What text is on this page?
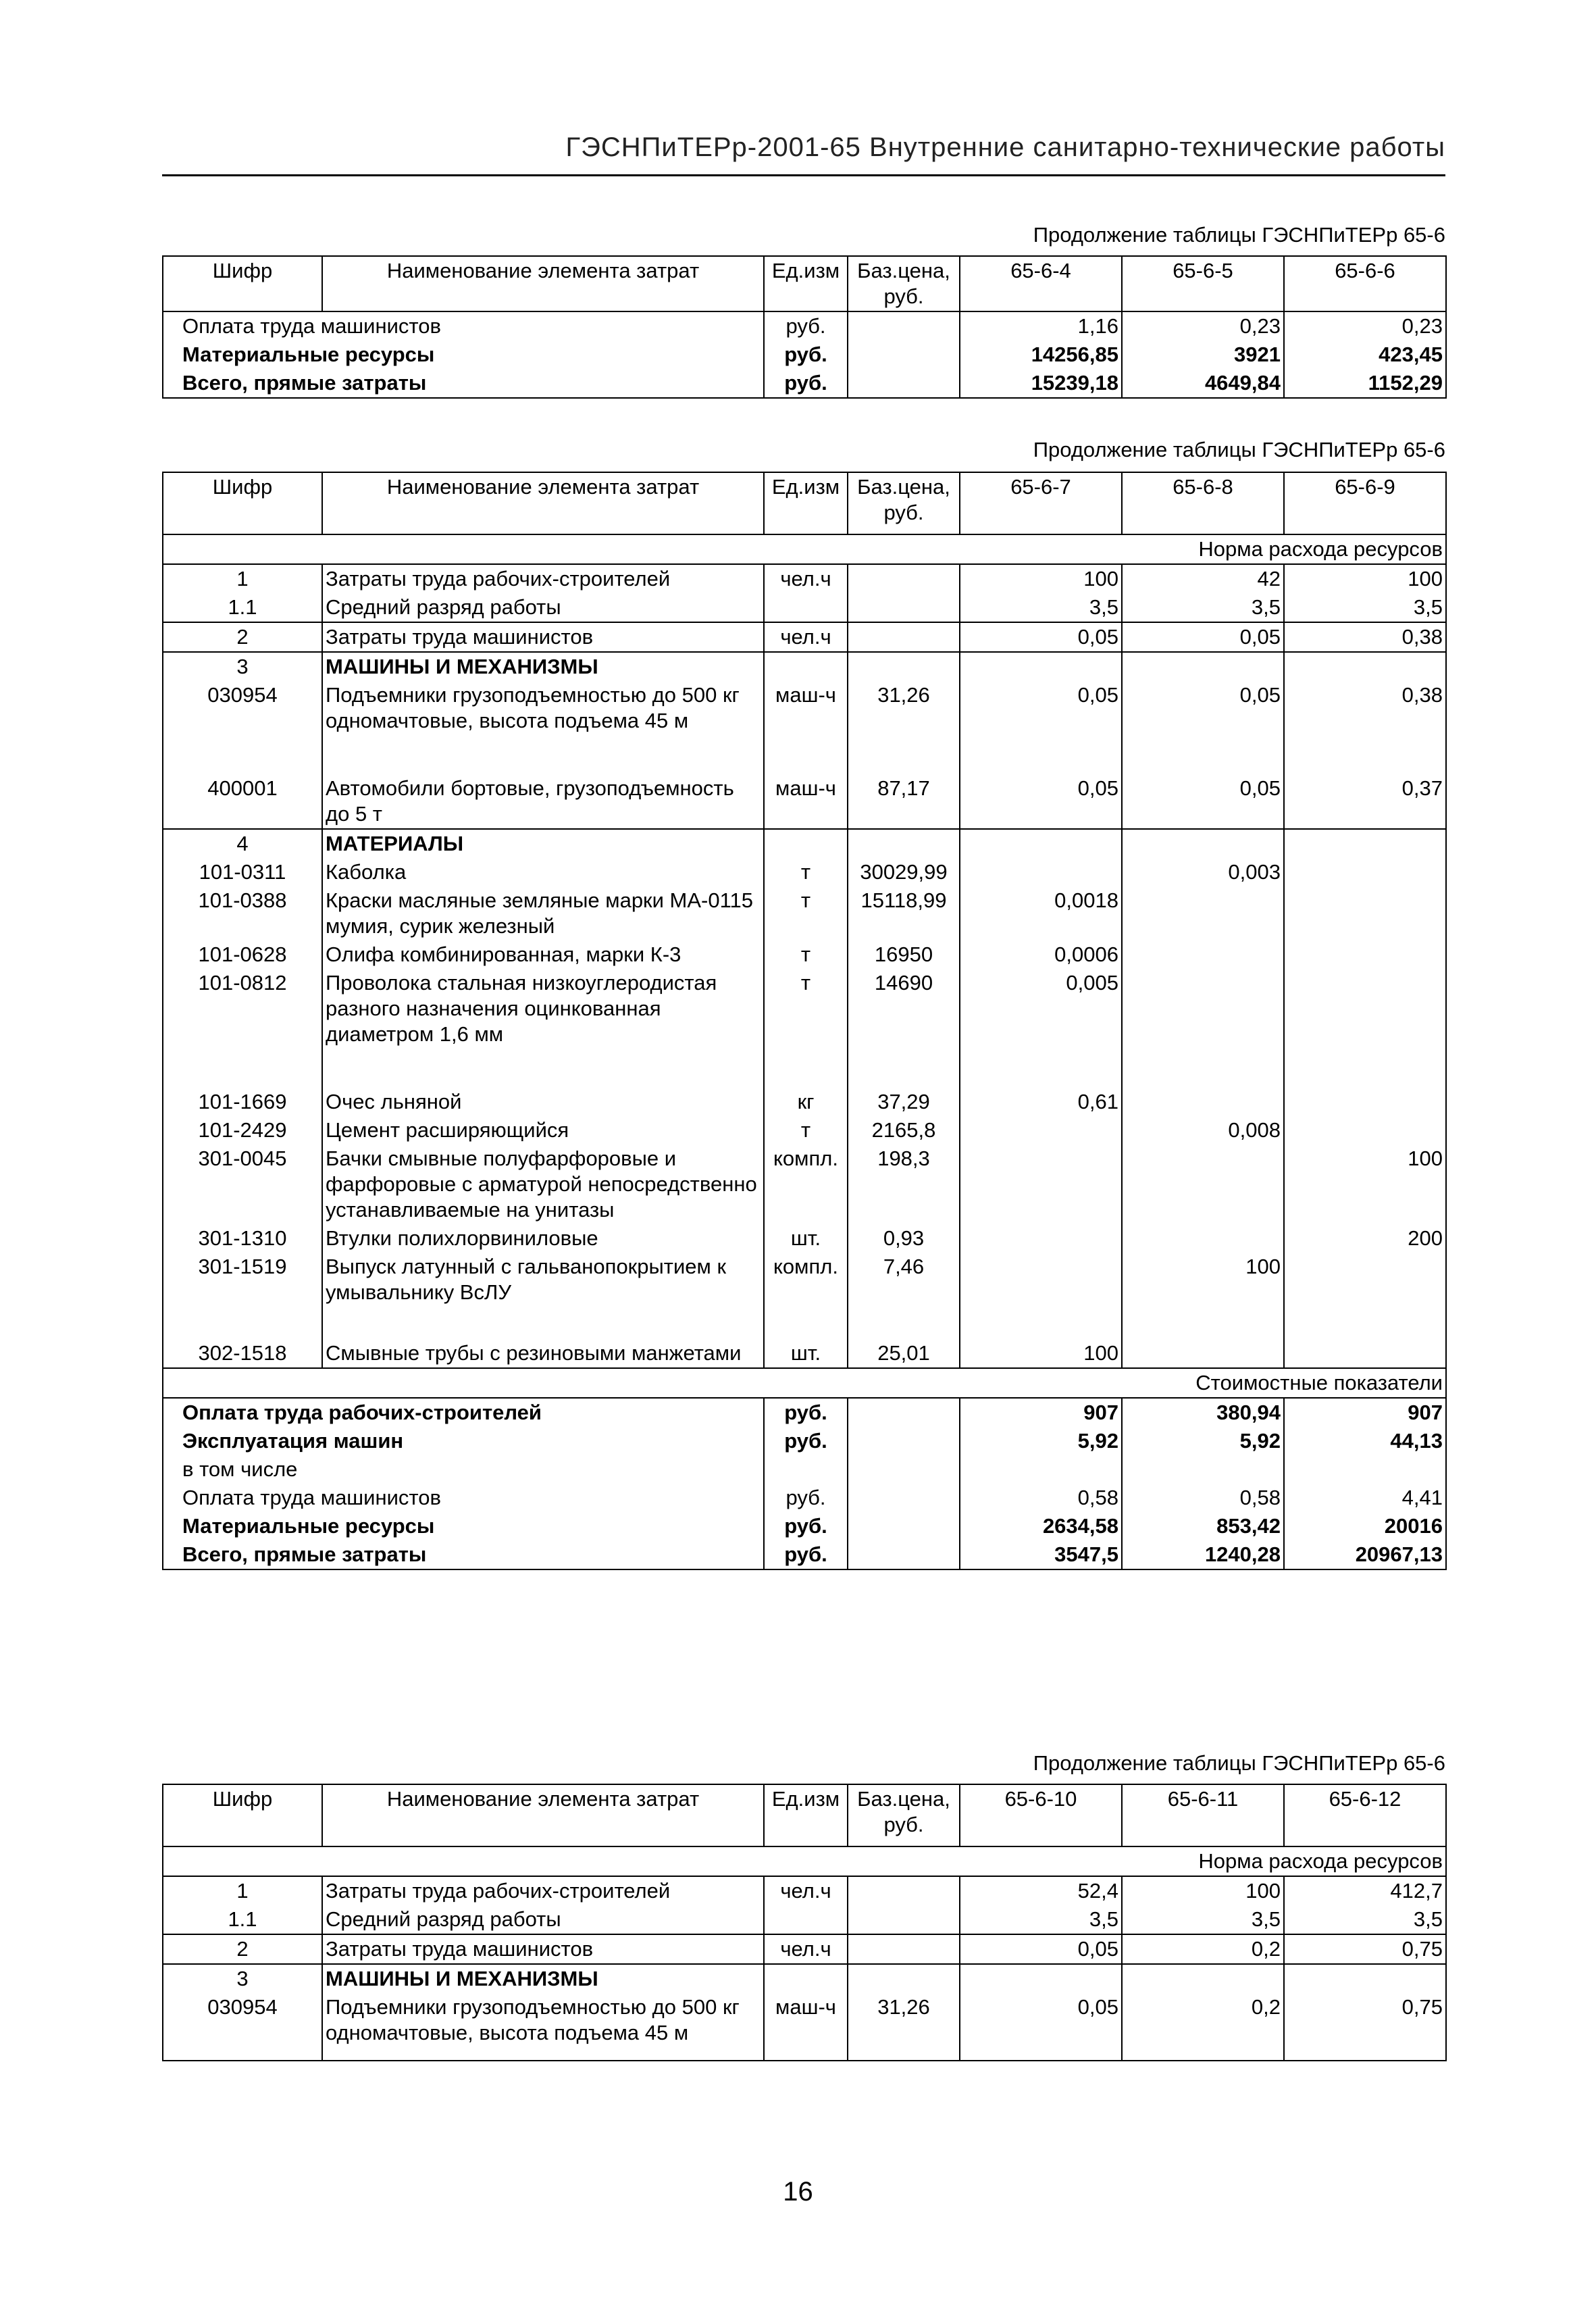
ГЭСНПиТЕРр-2001-65 Внутренние санитарно-технические работы
Продолжение таблицы ГЭСНПиТЕРр 65-6
Шифр	Наименование элемента затрат	Ед.изм	Баз.цена, руб.	65-6-4	65-6-5	65-6-6
Оплата труда машинистов		руб.		1,16	0,23	0,23
Материальные ресурсы		руб.		14256,85	3921	423,45
Всего, прямые затраты		руб.		15239,18	4649,84	1152,29
Продолжение таблицы ГЭСНПиТЕРр 65-6
Шифр	Наименование элемента затрат	Ед.изм	Баз.цена, руб.	65-6-7	65-6-8	65-6-9
Норма расхода ресурсов						
1	Затраты труда рабочих-строителей	чел.ч		100	42	100
1.1	Средний разряд работы			3,5	3,5	3,5
2	Затраты труда машинистов	чел.ч		0,05	0,05	0,38
3	МАШИНЫ И МЕХАНИЗМЫ					
030954	Подъемники грузоподъемностью до 500 кг одномачтовые, высота подъема 45 м	маш-ч	31,26	0,05	0,05	0,38
400001	Автомобили бортовые, грузоподъемность до 5 т	маш-ч	87,17	0,05	0,05	0,37
4	МАТЕРИАЛЫ					
101-0311	Каболка	т	30029,99		0,003	
101-0388	Краски масляные земляные марки МА-0115 мумия, сурик железный	т	15118,99	0,0018		
101-0628	Олифа комбинированная, марки К-3	т	16950	0,0006		
101-0812	Проволока стальная низкоуглеродистая разного назначения оцинкованная диаметром 1,6 мм	т	14690	0,005		
101-1669	Очес льняной	кг	37,29	0,61		
101-2429	Цемент расширяющийся	т	2165,8		0,008	
301-0045	Бачки смывные полуфарфоровые и фарфоровые с арматурой непосредственно устанавливаемые на унитазы	компл.	198,3			100
301-1310	Втулки полихлорвиниловые	шт.	0,93			200
301-1519	Выпуск латунный с гальванопокрытием к умывальнику ВсЛУ	компл.	7,46		100	
302-1518	Смывные трубы с резиновыми манжетами	шт.	25,01	100		
Стоимостные показатели						
Оплата труда рабочих-строителей		руб.		907	380,94	907
Эксплуатация машин		руб.		5,92	5,92	44,13
в том числе						
Оплата труда машинистов		руб.		0,58	0,58	4,41
Материальные ресурсы		руб.		2634,58	853,42	20016
Всего, прямые затраты		руб.		3547,5	1240,28	20967,13
Продолжение таблицы ГЭСНПиТЕРр 65-6
Шифр	Наименование элемента затрат	Ед.изм	Баз.цена, руб.	65-6-10	65-6-11	65-6-12
Норма расхода ресурсов						
1	Затраты труда рабочих-строителей	чел.ч		52,4	100	412,7
1.1	Средний разряд работы			3,5	3,5	3,5
2	Затраты труда машинистов	чел.ч		0,05	0,2	0,75
3	МАШИНЫ И МЕХАНИЗМЫ					
030954	Подъемники грузоподъемностью до 500 кг одномачтовые, высота подъема 45 м	маш-ч	31,26	0,05	0,2	0,75
16
